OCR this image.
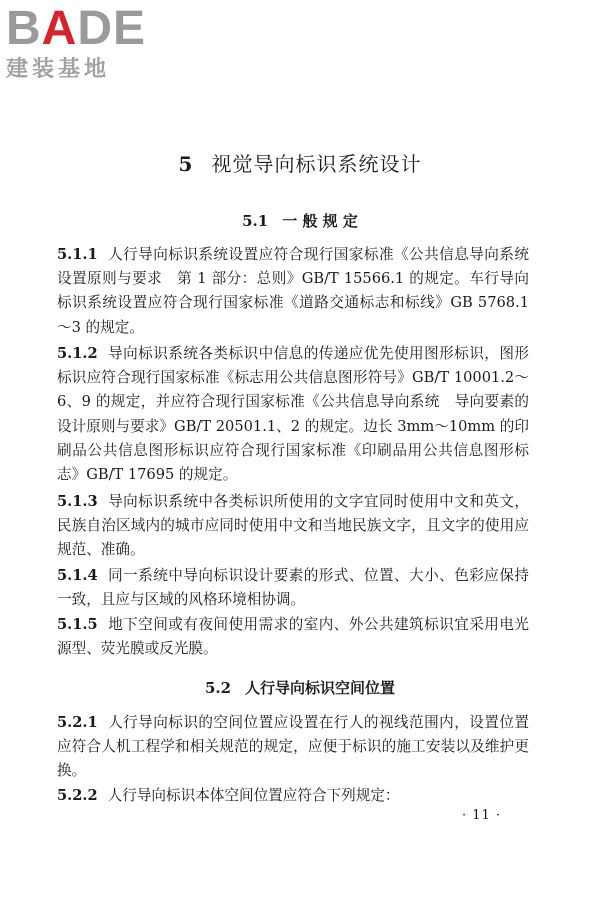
BADE
建装基地
5 视觉导向标识系统设计
5.1 一 般 规 定
5.1.1 人行导向标识系统设置应符合现行国家标准《公共信息导向系统　设置原则与要求　第 1 部分：总则》GB/T 15566.1 的规定。车行导向标识系统设置应符合现行国家标准《道路交通标志和标线》GB 5768.1～3 的规定。
5.1.2 导向标识系统各类标识中信息的传递应优先使用图形标识，图形标识应符合现行国家标准《标志用公共信息图形符号》GB/T 10001.2～6、9 的规定，并应符合现行国家标准《公共信息导向系统　导向要素的设计原则与要求》GB/T 20501.1、2 的规定。边长 3mm～10mm 的印刷品公共信息图形标识应符合现行国家标准《印刷品用公共信息图形标志》GB/T 17695 的规定。
5.1.3 导向标识系统中各类标识所使用的文字宜同时使用中文和英文，民族自治区域内的城市应同时使用中文和当地民族文字，且文字的使用应规范、准确。
5.1.4 同一系统中导向标识设计要素的形式、位置、大小、色彩应保持一致，且应与区域的风格环境相协调。
5.1.5 地下空间或有夜间使用需求的室内、外公共建筑标识宜采用电光源型、荧光膜或反光膜。
5.2 人行导向标识空间位置
5.2.1 人行导向标识的空间位置应设置在行人的视线范围内，设置位置应符合人机工程学和相关规范的规定，应便于标识的施工安装以及维护更换。
5.2.2 人行导向标识本体空间位置应符合下列规定：
· 11 ·
